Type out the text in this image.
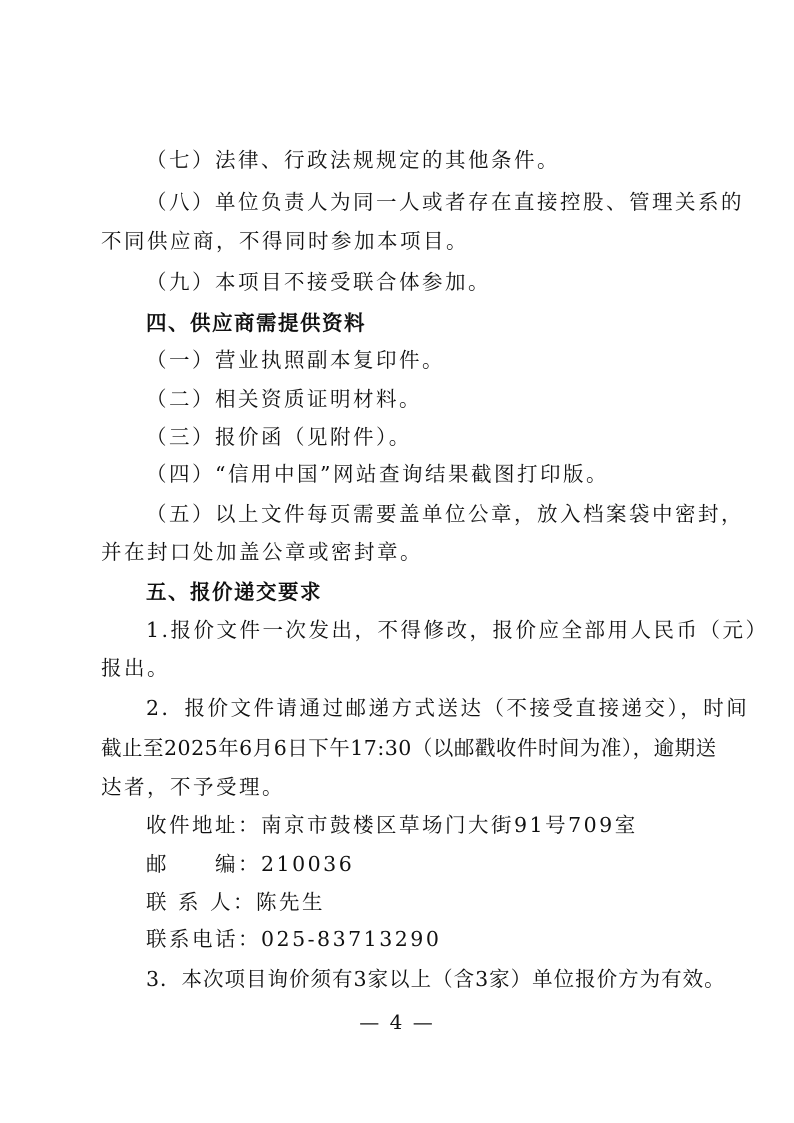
（七）法律、行政法规规定的其他条件。
（八）单位负责人为同一人或者存在直接控股、管理关系的
不同供应商，不得同时参加本项目。
（九）本项目不接受联合体参加。
四、供应商需提供资料
（一）营业执照副本复印件。
（二）相关资质证明材料。
（三）报价函（见附件）。
（四）“信用中国”网站查询结果截图打印版。
（五）以上文件每页需要盖单位公章，放入档案袋中密封，
并在封口处加盖公章或密封章。
五、报价递交要求
1.报价文件一次发出，不得修改，报价应全部用人民币（元）
报出。
2．报价文件请通过邮递方式送达（不接受直接递交），时间
截止至2025年6月6日下午17:30（以邮戳收件时间为准），逾期送
达者，不予受理。
收件地址：南京市鼓楼区草场门大街91号709室
邮　　编：210036
联 系 人：陈先生
联系电话：025-83713290
3．本次项目询价须有3家以上（含3家）单位报价方为有效。
— 4 —
